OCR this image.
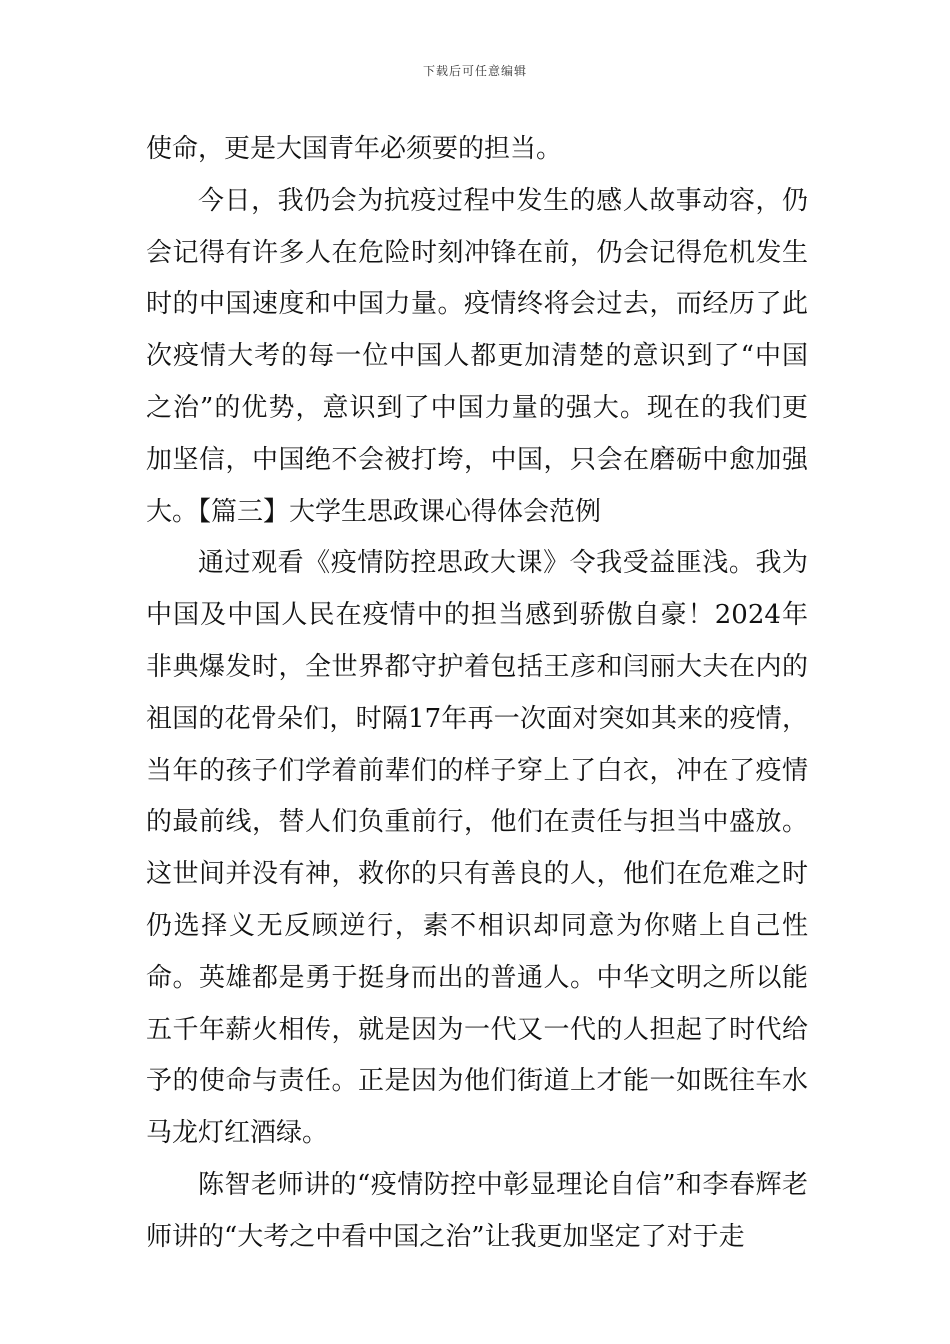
下载后可任意编辑

使命，更是大国青年必须要的担当。

今日，我仍会为抗疫过程中发生的感人故事动容，仍会记得有许多人在危险时刻冲锋在前，仍会记得危机发生时的中国速度和中国力量。疫情终将会过去，而经历了此次疫情大考的每一位中国人都更加清楚的意识到了“中国之治”的优势，意识到了中国力量的强大。现在的我们更加坚信，中国绝不会被打垮，中国，只会在磨砺中愈加强大。【篇三】大学生思政课心得体会范例

通过观看《疫情防控思政大课》令我受益匪浅。我为中国及中国人民在疫情中的担当感到骄傲自豪！2024年非典爆发时，全世界都守护着包括王彦和闫丽大夫在内的祖国的花骨朵们，时隔17年再一次面对突如其来的疫情，当年的孩子们学着前辈们的样子穿上了白衣，冲在了疫情的最前线，替人们负重前行，他们在责任与担当中盛放。这世间并没有神，救你的只有善良的人，他们在危难之时仍选择义无反顾逆行，素不相识却同意为你赌上自己性命。英雄都是勇于挺身而出的普通人。中华文明之所以能五千年薪火相传，就是因为一代又一代的人担起了时代给予的使命与责任。正是因为他们街道上才能一如既往车水马龙灯红酒绿。

陈智老师讲的“疫情防控中彰显理论自信”和李春辉老师讲的“大考之中看中国之治”让我更加坚定了对于走
